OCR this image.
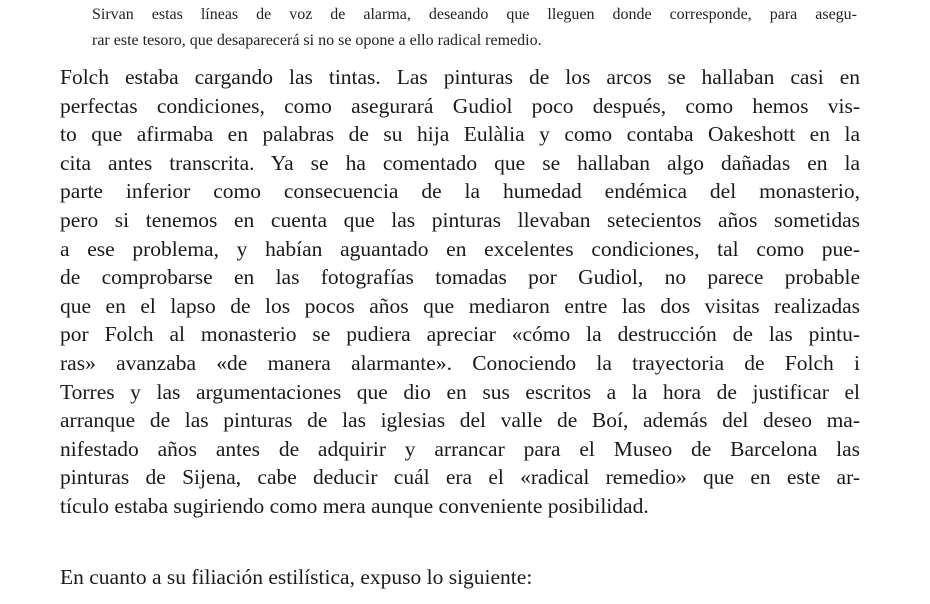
Sirvan estas líneas de voz de alarma, deseando que lleguen donde corresponde, para asegu-
rar este tesoro, que desaparecerá si no se opone a ello radical remedio.
Folch estaba cargando las tintas. Las pinturas de los arcos se hallaban casi en
perfectas condiciones, como asegurará Gudiol poco después, como hemos vis-
to que afirmaba en palabras de su hija Eulàlia y como contaba Oakeshott en la
cita antes transcrita. Ya se ha comentado que se hallaban algo dañadas en la
parte inferior como consecuencia de la humedad endémica del monasterio,
pero si tenemos en cuenta que las pinturas llevaban setecientos años sometidas
a ese problema, y habían aguantado en excelentes condiciones, tal como pue-
de comprobarse en las fotografías tomadas por Gudiol, no parece probable
que en el lapso de los pocos años que mediaron entre las dos visitas realizadas
por Folch al monasterio se pudiera apreciar «cómo la destrucción de las pintu-
ras» avanzaba «de manera alarmante». Conociendo la trayectoria de Folch i
Torres y las argumentaciones que dio en sus escritos a la hora de justificar el
arranque de las pinturas de las iglesias del valle de Boí, además del deseo ma-
nifestado años antes de adquirir y arrancar para el Museo de Barcelona las
pinturas de Sijena, cabe deducir cuál era el «radical remedio» que en este ar-
tículo estaba sugiriendo como mera aunque conveniente posibilidad.
En cuanto a su filiación estilística, expuso lo siguiente:
